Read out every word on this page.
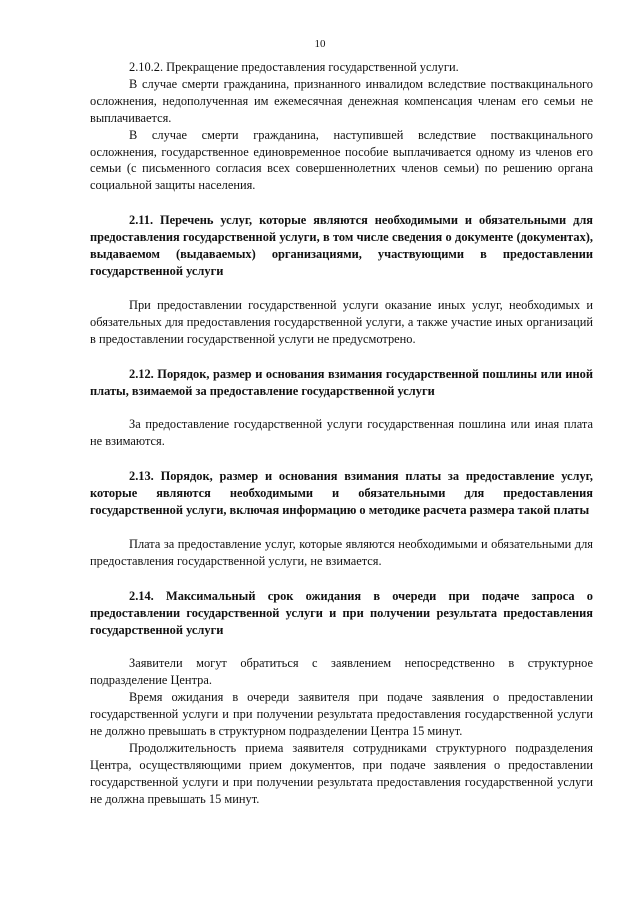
10

2.10.2. Прекращение предоставления государственной услуги.

В случае смерти гражданина, признанного инвалидом вследствие поствакцинального осложнения, недополученная им ежемесячная денежная компенсация членам его семьи не выплачивается.

В случае смерти гражданина, наступившей вследствие поствакцинального осложнения, государственное единовременное пособие выплачивается одному из членов его семьи (с письменного согласия всех совершеннолетних членов семьи) по решению органа социальной защиты населения.

2.11. Перечень услуг, которые являются необходимыми и обязательными для предоставления государственной услуги, в том числе сведения о документе (документах), выдаваемом (выдаваемых) организациями, участвующими в предоставлении государственной услуги

При предоставлении государственной услуги оказание иных услуг, необходимых и обязательных для предоставления государственной услуги, а также участие иных организаций в предоставлении государственной услуги не предусмотрено.

2.12. Порядок, размер и основания взимания государственной пошлины или иной платы, взимаемой за предоставление государственной услуги

За предоставление государственной услуги государственная пошлина или иная плата не взимаются.

2.13. Порядок, размер и основания взимания платы за предоставление услуг, которые являются необходимыми и обязательными для предоставления государственной услуги, включая информацию о методике расчета размера такой платы

Плата за предоставление услуг, которые являются необходимыми и обязательными для предоставления государственной услуги, не взимается.

2.14. Максимальный срок ожидания в очереди при подаче запроса о предоставлении государственной услуги и при получении результата предоставления государственной услуги

Заявители могут обратиться с заявлением непосредственно в структурное подразделение Центра.

Время ожидания в очереди заявителя при подаче заявления о предоставлении государственной услуги и при получении результата предоставления государственной услуги не должно превышать в структурном подразделении Центра 15 минут.

Продолжительность приема заявителя сотрудниками структурного подразделения Центра, осуществляющими прием документов, при подаче заявления о предоставлении государственной услуги и при получении результата предоставления государственной услуги не должна превышать 15 минут.
